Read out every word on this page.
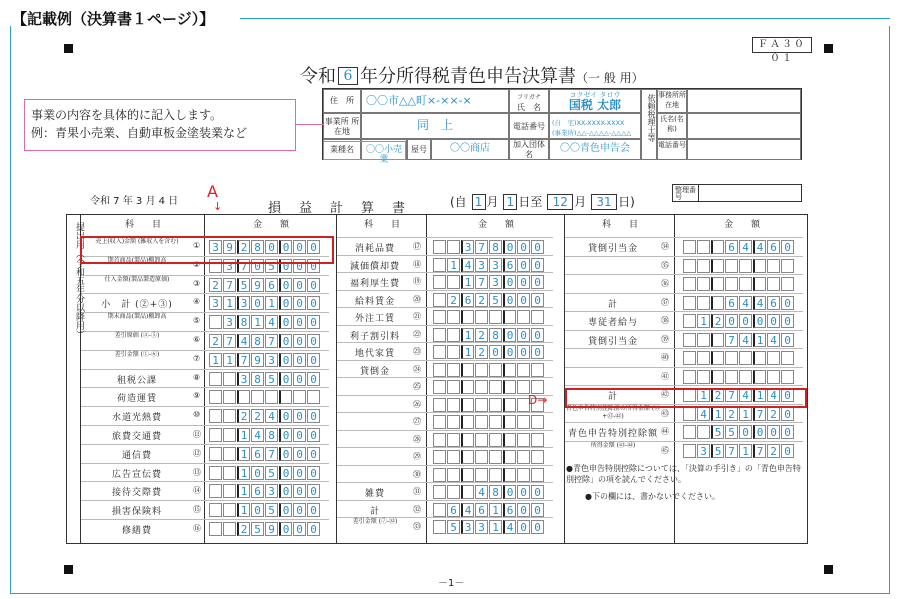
【記載例（決算書１ページ）】
ＦＡ３００１
令和 6 年分所得税青色申告決算書（一 般 用）
住　所	〇〇市△△町×-××-×
事業所 所在地	同　上
業種名	〇〇小売業
屋号	〇〇商店
フリガナ
氏　名
コクゼイ タロウ
国税 太郎
電話番号	(自　宅)XX-XXXX-XXXX
(事業所)△△-△△△△-△△△△
加入団体名
〇〇青色申告会
依頼税理士等 事務所所在地
氏名(名称)
電話番号
事業の内容を具体的に記入します。
例：青果小売業、自動車板金塗装業など
令和 7 年 3 月 4 日	損益計算書 (自 1 月 1 日至 12 月 31 日)
整理番号
科　　目	金　　額	科　　目	金　　額	科　　目	金　　額
売上(収入)金額 (雑収入を含む)	① 3 9 2 8 0 0 0 0
期首商品(製品)棚卸高	② 3 7 0 5 0 0 0
仕入金額(製品製造原価)	③ 2 7 5 9 6 0 0 0
小　計 (②+③)	④ 3 1 3 0 1 0 0 0
期末商品(製品)棚卸高	⑤ 3 8 1 4 0 0 0
差引原価 (④-⑤)	⑥ 2 7 4 8 7 0 0 0
差引金額 (①-⑥)	⑦ 1 1 7 9 3 0 0 0
租税公課	⑧	3 8 5 0 0 0
荷造運賃	⑨
水道光熱費	⑩	2 2 4 0 0 0
旅費交通費	⑪	1 4 8 0 0 0
通信費	⑫	1 6 7 0 0 0
広告宣伝費	⑬	1 0 5 0 0 0
接待交際費	⑭	1 6 3 0 0 0
損害保険料	⑮	1 0 5 0 0 0
修繕費	⑯	2 5 9 0 0 0
消耗品費	⑰	3 7 8 0 0 0
減価償却費	⑱	1 4 3 3 6 0 0
福利厚生費	⑲	1 7 3 0 0 0
給料賃金	⑳	2 6 2 5 0 0 0
外注工賃	㉑
利子割引料	㉒	1 2 8 0 0 0
地代家賃	㉓	1 2 0 0 0 0
貸倒金	㉔
㉕
㉖
㉗
㉘
㉙
㉚
雑費	㉛	4 8 0 0 0
計	㉜	6 4 6 1 6 0 0
差引金額 (⑦-㉜)
㉝	5 3 3 1 4 0 0
貸倒引当金	㉞	6 4 4 6 0
㉟
㊱
計	㊲	6 4 4 6 0
専従者給与	㊳	1 2 0 0 0 0 0
貸倒引当金	㊴	7 4 1 4 0
㊵
㊶
計	㊷	1 2 7 4 1 4 0
青色申告特別控除前の所得金額 (㉝+㊲-㊷)	㊸	4 1 2 1 7 2 0
青色申告特別控除額 ㊹	5 5 0 0 0 0
所得金額 (㊸-㊹)
㊺	3 5 7 1 7 2 0
提出用（令和五年分以降用）
●青色申告特別控除については、「決算の手引き」の「青色申告特別控除」の項を読んでください。
●下の欄には、書かないでください。
A
↓
D→
－1－
